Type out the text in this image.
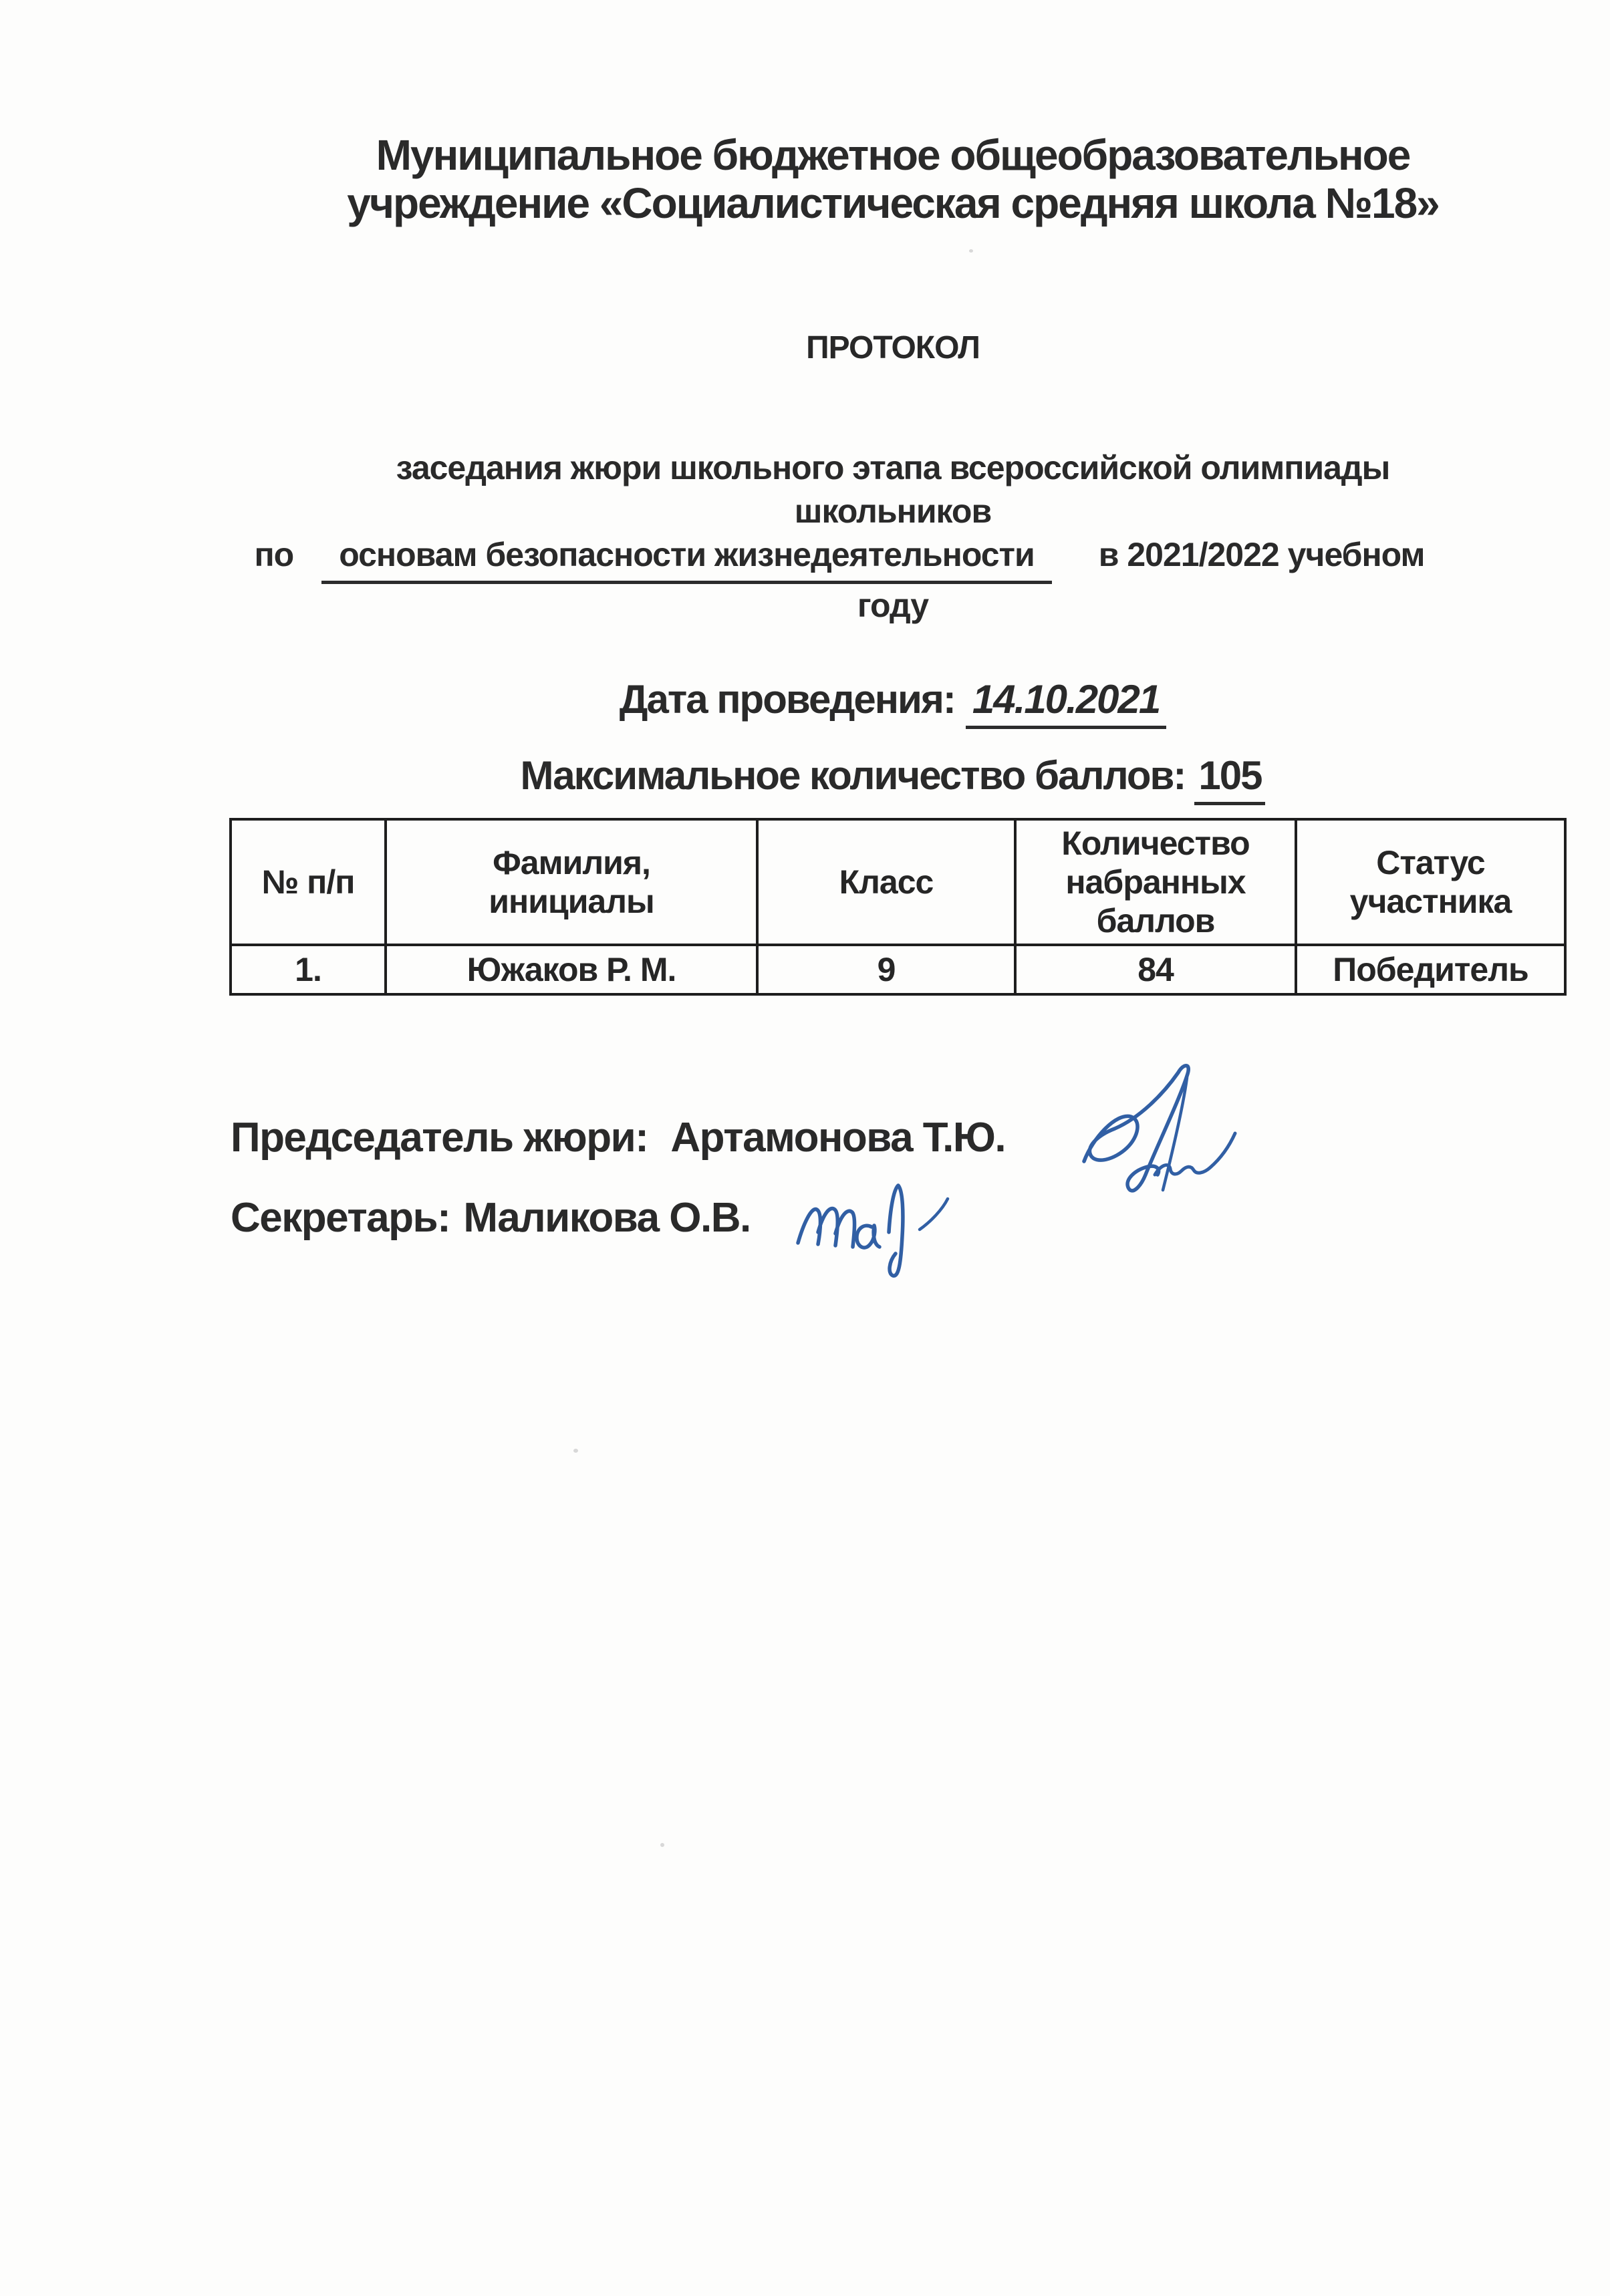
Муниципальное бюджетное общеобразовательное
учреждение «Социалистическая средняя школа №18»
ПРОТОКОЛ
заседания жюри школьного этапа всероссийской олимпиады
школьников
по	основам безопасности жизнедеятельности	в 2021/2022 учебном
году
Дата проведения: 14.10.2021
Максимальное количество баллов: 105
№ п/п	Фамилия, инициалы	Класс	Количество набранных баллов	Статус участника
1.	Южаков Р. М.	9	84	Победитель
Председатель жюри: Артамонова Т.Ю.
Секретарь: Маликова О.В.
